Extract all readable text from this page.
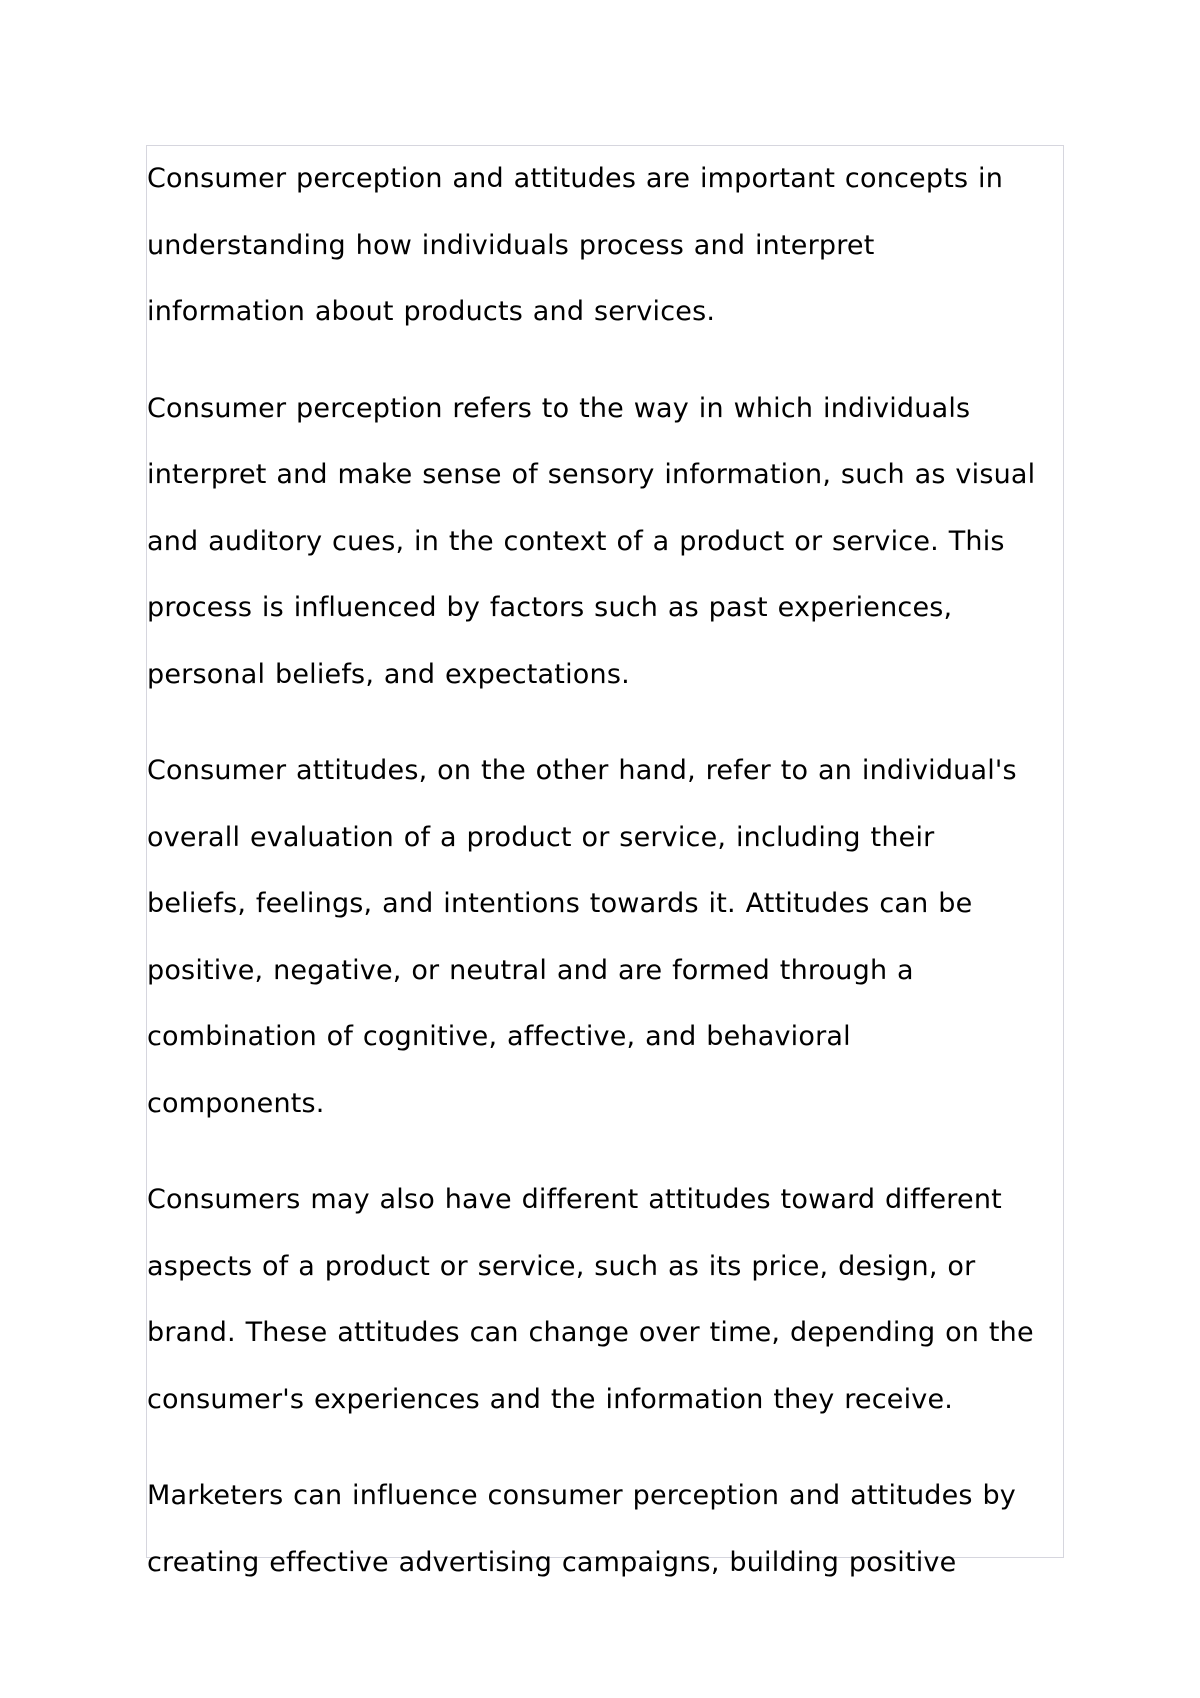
Consumer perception and attitudes are important concepts in
understanding how individuals process and interpret
information about products and services.

Consumer perception refers to the way in which individuals
interpret and make sense of sensory information, such as visual
and auditory cues, in the context of a product or service. This
process is influenced by factors such as past experiences,
personal beliefs, and expectations.

Consumer attitudes, on the other hand, refer to an individual's
overall evaluation of a product or service, including their
beliefs, feelings, and intentions towards it. Attitudes can be
positive, negative, or neutral and are formed through a
combination of cognitive, affective, and behavioral
components.

Consumers may also have different attitudes toward different
aspects of a product or service, such as its price, design, or
brand. These attitudes can change over time, depending on the
consumer's experiences and the information they receive.

Marketers can influence consumer perception and attitudes by
creating effective advertising campaigns, building positive
